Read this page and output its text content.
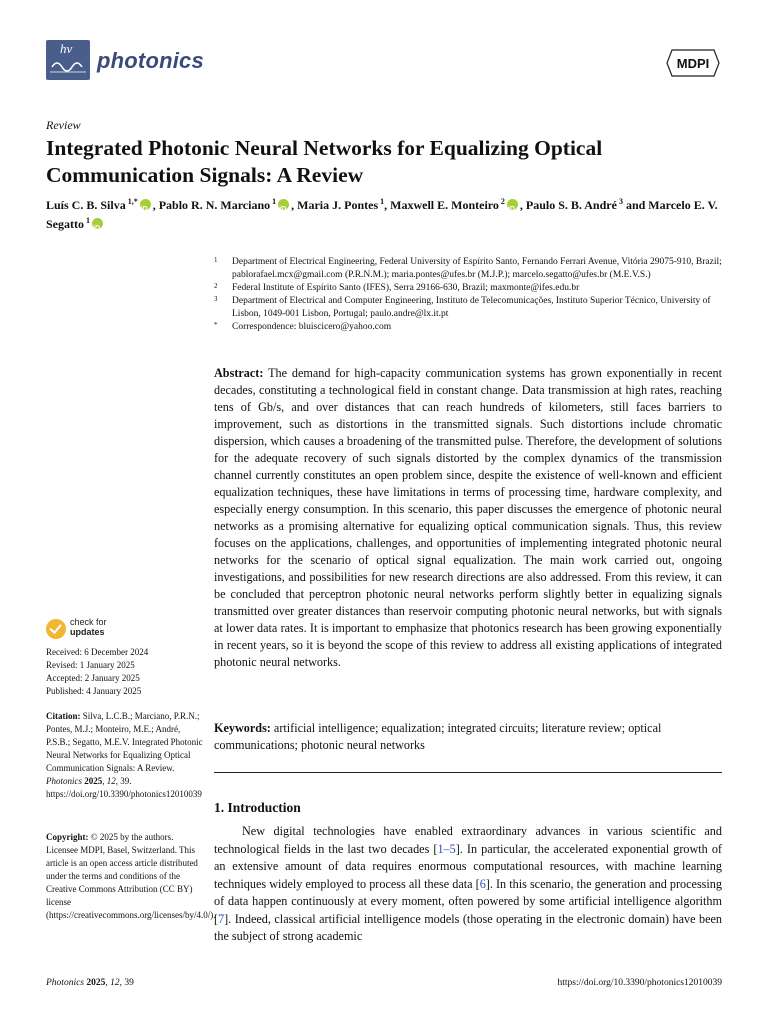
hv photonics	MDPI
Review
Integrated Photonic Neural Networks for Equalizing Optical Communication Signals: A Review
Luís C. B. Silva $^{1,*}$ iD , Pablo R. N. Marciano $^1$ iD , Maria J. Pontes $^1$, Maxwell E. Monteiro $^2$ iD , Paulo S. B. André $^3$ and Marcelo E. V. Segatto $^1$iD
1 Department of Electrical Engineering, Federal University of Espírito Santo, Fernando Ferrari Avenue, Vitória 29075-910, Brazil; pablorafael.mcx@gmail.com (P.R.N.M.); maria.pontes@ufes.br (M.J.P.); marcelo.segatto@ufes.br (M.E.V.S.)
2 Federal Institute of Espírito Santo (IFES), Serra 29166-630, Brazil; maxmonte@ifes.edu.br
3 Department of Electrical and Computer Engineering, Instituto de Telecomunicações, Instituto Superior Técnico, University of Lisbon, 1049-001 Lisbon, Portugal; paulo.andre@lx.it.pt
* Correspondence: bluiscicero@yahoo.com
Abstract: The demand for high-capacity communication systems has grown exponentially in recent decades, constituting a technological field in constant change. Data transmission at high rates, reaching tens of Gb/s, and over distances that can reach hundreds of kilometers, still faces barriers to improvement, such as distortions in the transmitted signals. Such distortions include chromatic dispersion, which causes a broadening of the transmitted pulse. Therefore, the development of solutions for the adequate recovery of such signals distorted by the complex dynamics of the transmission channel currently constitutes an open problem since, despite the existence of well-known and efficient equalization techniques, these have limitations in terms of processing time, hardware complexity, and especially energy consumption. In this scenario, this paper discusses the emergence of photonic neural networks as a promising alternative for equalizing optical communication signals. Thus, this review focuses on the applications, challenges, and opportunities of implementing integrated photonic neural networks for the scenario of optical signal equalization. The main work carried out, ongoing investigations, and possibilities for new research directions are also addressed. From this review, it can be concluded that perceptron photonic neural networks perform slightly better in equalizing signals transmitted over greater distances than reservoir computing photonic neural networks, but with signals at lower data rates. It is important to emphasize that photonics research has been growing exponentially in recent years, so it is beyond the scope of this review to address all existing applications of integrated photonic neural networks.
Keywords: artificial intelligence; equalization; integrated circuits; literature review; optical communications; photonic neural networks
1. Introduction
New digital technologies have enabled extraordinary advances in various scientific and technological fields in the last two decades [1–5]. In particular, the accelerated exponential growth of an extensive amount of data requires enormous computational resources, with machine learning techniques widely employed to process all these data [6]. In this scenario, the generation and processing of data happen continuously at every moment, often powered by some artificial intelligence algorithm [7]. Indeed, classical artificial intelligence models (those operating in the electronic domain) have been the subject of strong academic
check for
updates
Received: 6 December 2024
Revised: 1 January 2025
Accepted: 2 January 2025
Published: 4 January 2025
Citation: Silva, L.C.B.; Marciano, P.R.N.; Pontes, M.J.; Monteiro, M.E.; André, P.S.B.; Segatto, M.E.V. Integrated Photonic Neural Networks for Equalizing Optical Communication Signals: A Review. Photonics 2025, 12, 39. https://doi.org/10.3390/photonics12010039
Copyright: © 2025 by the authors. Licensee MDPI, Basel, Switzerland. This article is an open access article distributed under the terms and conditions of the Creative Commons Attribution (CC BY) license (https://creativecommons.org/licenses/by/4.0/).
Photonics 2025, 12, 39	https://doi.org/10.3390/photonics12010039
